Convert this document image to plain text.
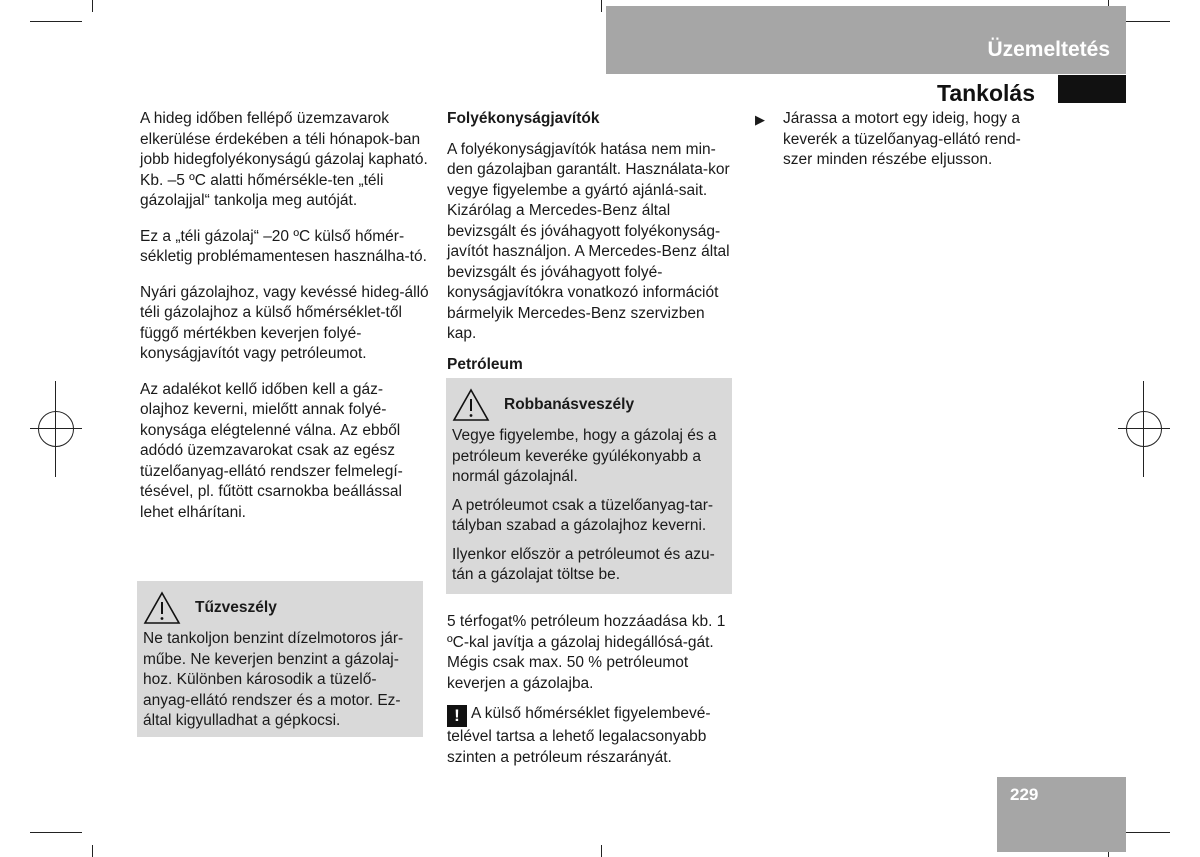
Üzemeltetés
Tankolás

A hideg időben fellépő üzemzavarok elkerülése érdekében a téli hónapok-ban jobb hidegfolyékonyságú gázolaj kapható. Kb. –5 ºC alatti hőmérsékle-ten „téli gázolajjal“ tankolja meg autóját.

Ez a „téli gázolaj“ –20 ºC külső hőmér-sékletig problémamentesen használha-tó.

Nyári gázolajhoz, vagy kevéssé hideg-álló téli gázolajhoz a külső hőmérséklet-től függő mértékben keverjen folyé-konyságjavítót vagy petróleumot.

Az adalékot kellő időben kell a gáz-olajhoz keverni, mielőtt annak folyé-konysága elégtelenné válna. Az ebből adódó üzemzavarokat csak az egész tüzelőanyag-ellátó rendszer felmelegí-tésével, pl. fűtött csarnokba beállással lehet elhárítani.

Tűzveszély
Ne tankoljon benzint dízelmotoros jár-műbe. Ne keverjen benzint a gázolaj-hoz. Különben károsodik a tüzelő-anyag-ellátó rendszer és a motor. Ez-által kigyulladhat a gépkocsi.
Folyékonyságjavítók

A folyékonyságjavítók hatása nem min-den gázolajban garantált. Használata-kor vegye figyelembe a gyártó ajánlá-sait. Kizárólag a Mercedes-Benz által bevizsgált és jóváhagyott folyékonyság-javítót használjon. A Mercedes-Benz által bevizsgált és jóváhagyott folyé-konyságjavítókra vonatkozó információt bármelyik Mercedes-Benz szervizben kap.

Petróleum
Robbanásveszély

Vegye figyelembe, hogy a gázolaj és a petróleum keveréke gyúlékonyabb a normál gázolajnál.

A petróleumot csak a tüzelőanyag-tar-tályban szabad a gázolajhoz keverni.

Ilyenkor először a petróleumot és azu-tán a gázolajat töltse be.

5 térfogat% petróleum hozzáadása kb. 1 ºC-kal javítja a gázolaj hidegállósá-gát. Mégis csak max. 50 % petróleumot keverjen a gázolajba.

! A külső hőmérséklet figyelembevé-telével tartsa a lehető legalacsonyabb szinten a petróleum részarányát.
▶	Járassa a motort egy ideig, hogy a keverék a tüzelőanyag-ellátó rend-szer minden részébe eljusson.
229
